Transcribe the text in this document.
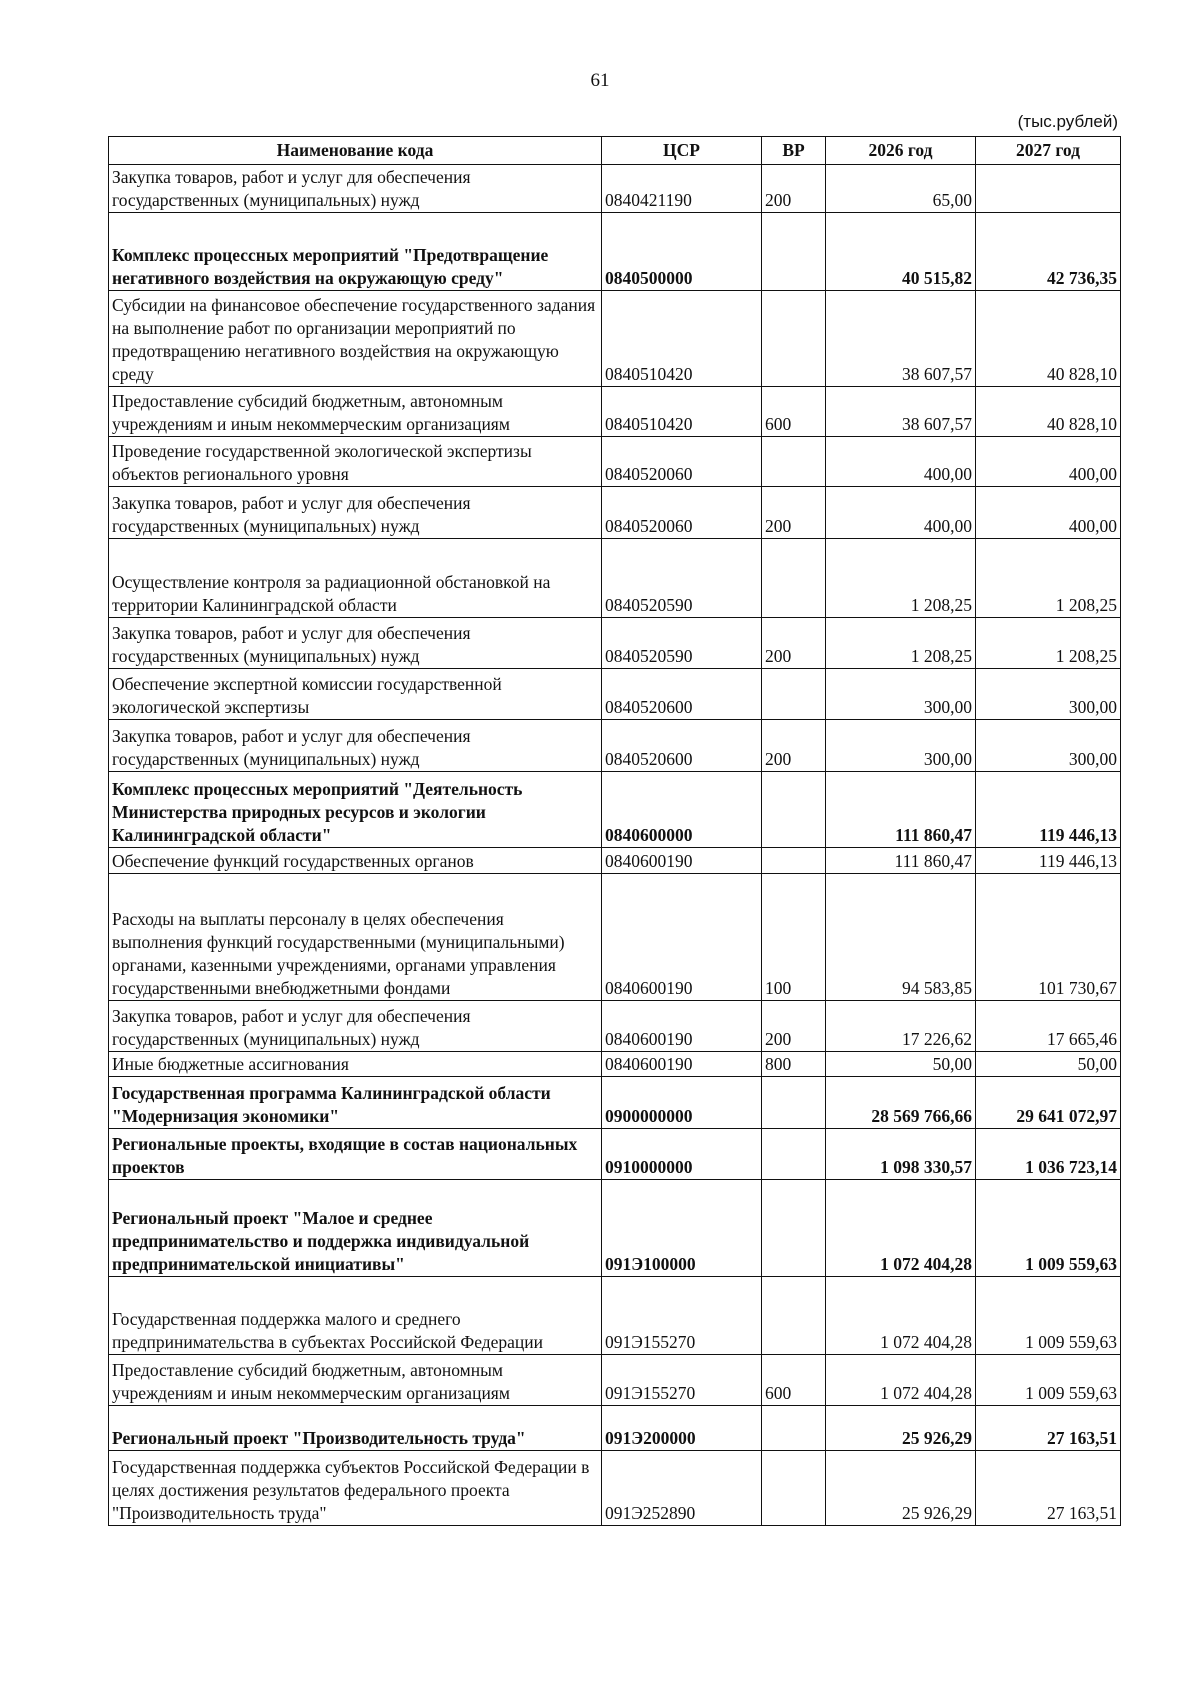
61
(тыс.рублей)
Наименование кода	ЦСР	ВР	2026 год	2027 год
Закупка товаров, работ и услуг для обеспечения государственных (муниципальных) нужд	0840421190	200	65,00	
Комплекс процессных мероприятий "Предотвращение негативного воздействия на окружающую среду"	0840500000		40 515,82	42 736,35
Субсидии на финансовое обеспечение государственного задания на выполнение работ по организации мероприятий по предотвращению негативного воздействия на окружающую среду	0840510420		38 607,57	40 828,10
Предоставление субсидий бюджетным, автономным учреждениям и иным некоммерческим организациям	0840510420	600	38 607,57	40 828,10
Проведение государственной экологической экспертизы объектов регионального уровня	0840520060		400,00	400,00
Закупка товаров, работ и услуг для обеспечения государственных (муниципальных) нужд	0840520060	200	400,00	400,00
Осуществление контроля за радиационной обстановкой на территории Калининградской области	0840520590		1 208,25	1 208,25
Закупка товаров, работ и услуг для обеспечения государственных (муниципальных) нужд	0840520590	200	1 208,25	1 208,25
Обеспечение экспертной комиссии государственной экологической экспертизы	0840520600		300,00	300,00
Закупка товаров, работ и услуг для обеспечения государственных (муниципальных) нужд	0840520600	200	300,00	300,00
Комплекс процессных мероприятий "Деятельность Министерства природных ресурсов и экологии Калининградской области"	0840600000		111 860,47	119 446,13
Обеспечение функций государственных органов	0840600190		111 860,47	119 446,13
Расходы на выплаты персоналу в целях обеспечения выполнения функций государственными (муниципальными) органами, казенными учреждениями, органами управления государственными внебюджетными фондами	0840600190	100	94 583,85	101 730,67
Закупка товаров, работ и услуг для обеспечения государственных (муниципальных) нужд	0840600190	200	17 226,62	17 665,46
Иные бюджетные ассигнования	0840600190	800	50,00	50,00
Государственная программа Калининградской области "Модернизация экономики"	0900000000		28 569 766,66	29 641 072,97
Региональные проекты, входящие в состав национальных проектов	0910000000		1 098 330,57	1 036 723,14
Региональный проект "Малое и среднее предпринимательство и поддержка индивидуальной предпринимательской инициативы"	091Э100000		1 072 404,28	1 009 559,63
Государственная поддержка малого и среднего предпринимательства в субъектах Российской Федерации	091Э155270		1 072 404,28	1 009 559,63
Предоставление субсидий бюджетным, автономным учреждениям и иным некоммерческим организациям	091Э155270	600	1 072 404,28	1 009 559,63
Региональный проект "Производительность труда"	091Э200000		25 926,29	27 163,51
Государственная поддержка субъектов Российской Федерации в целях достижения результатов федерального проекта "Производительность труда"	091Э252890		25 926,29	27 163,51
